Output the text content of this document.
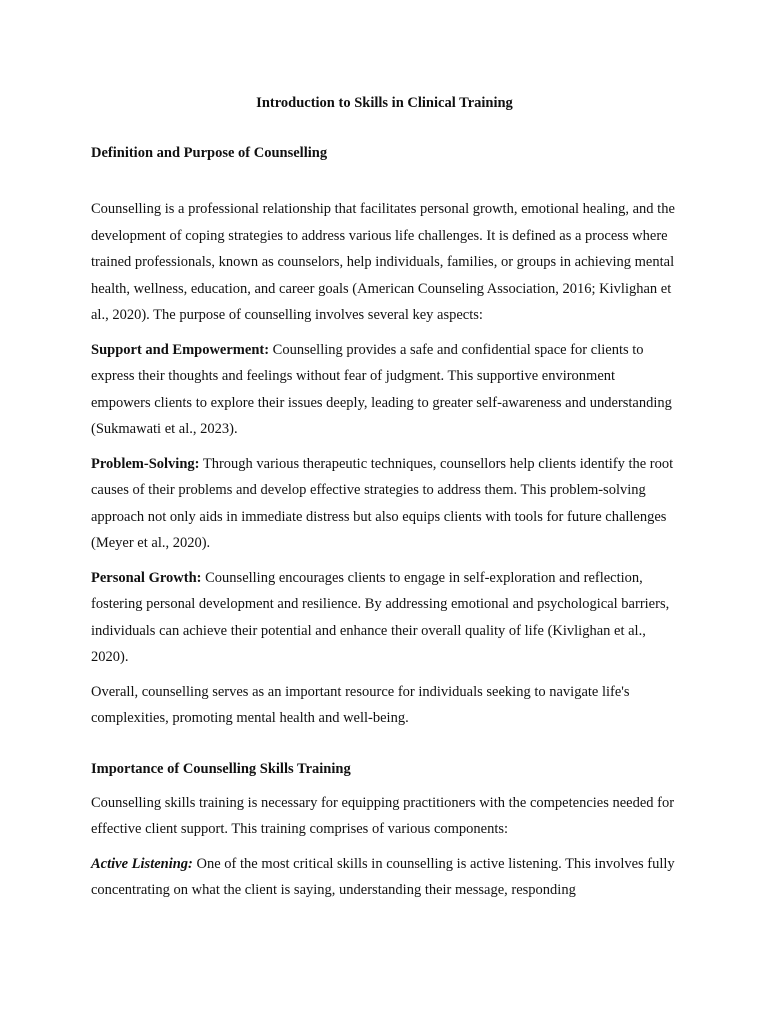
Introduction to Skills in Clinical Training
Definition and Purpose of Counselling

Counselling is a professional relationship that facilitates personal growth, emotional healing, and the development of coping strategies to address various life challenges. It is defined as a process where trained professionals, known as counselors, help individuals, families, or groups in achieving mental health, wellness, education, and career goals (American Counseling Association, 2016; Kivlighan et al., 2020). The purpose of counselling involves several key aspects:

Support and Empowerment: Counselling provides a safe and confidential space for clients to express their thoughts and feelings without fear of judgment. This supportive environment empowers clients to explore their issues deeply, leading to greater self-awareness and understanding (Sukmawati et al., 2023).

Problem-Solving: Through various therapeutic techniques, counsellors help clients identify the root causes of their problems and develop effective strategies to address them. This problem-solving approach not only aids in immediate distress but also equips clients with tools for future challenges (Meyer et al., 2020).

Personal Growth: Counselling encourages clients to engage in self-exploration and reflection, fostering personal development and resilience. By addressing emotional and psychological barriers, individuals can achieve their potential and enhance their overall quality of life (Kivlighan et al., 2020).

Overall, counselling serves as an important resource for individuals seeking to navigate life's complexities, promoting mental health and well-being.

Importance of Counselling Skills Training

Counselling skills training is necessary for equipping practitioners with the competencies needed for effective client support. This training comprises of various components:

Active Listening: One of the most critical skills in counselling is active listening. This involves fully concentrating on what the client is saying, understanding their message, responding
